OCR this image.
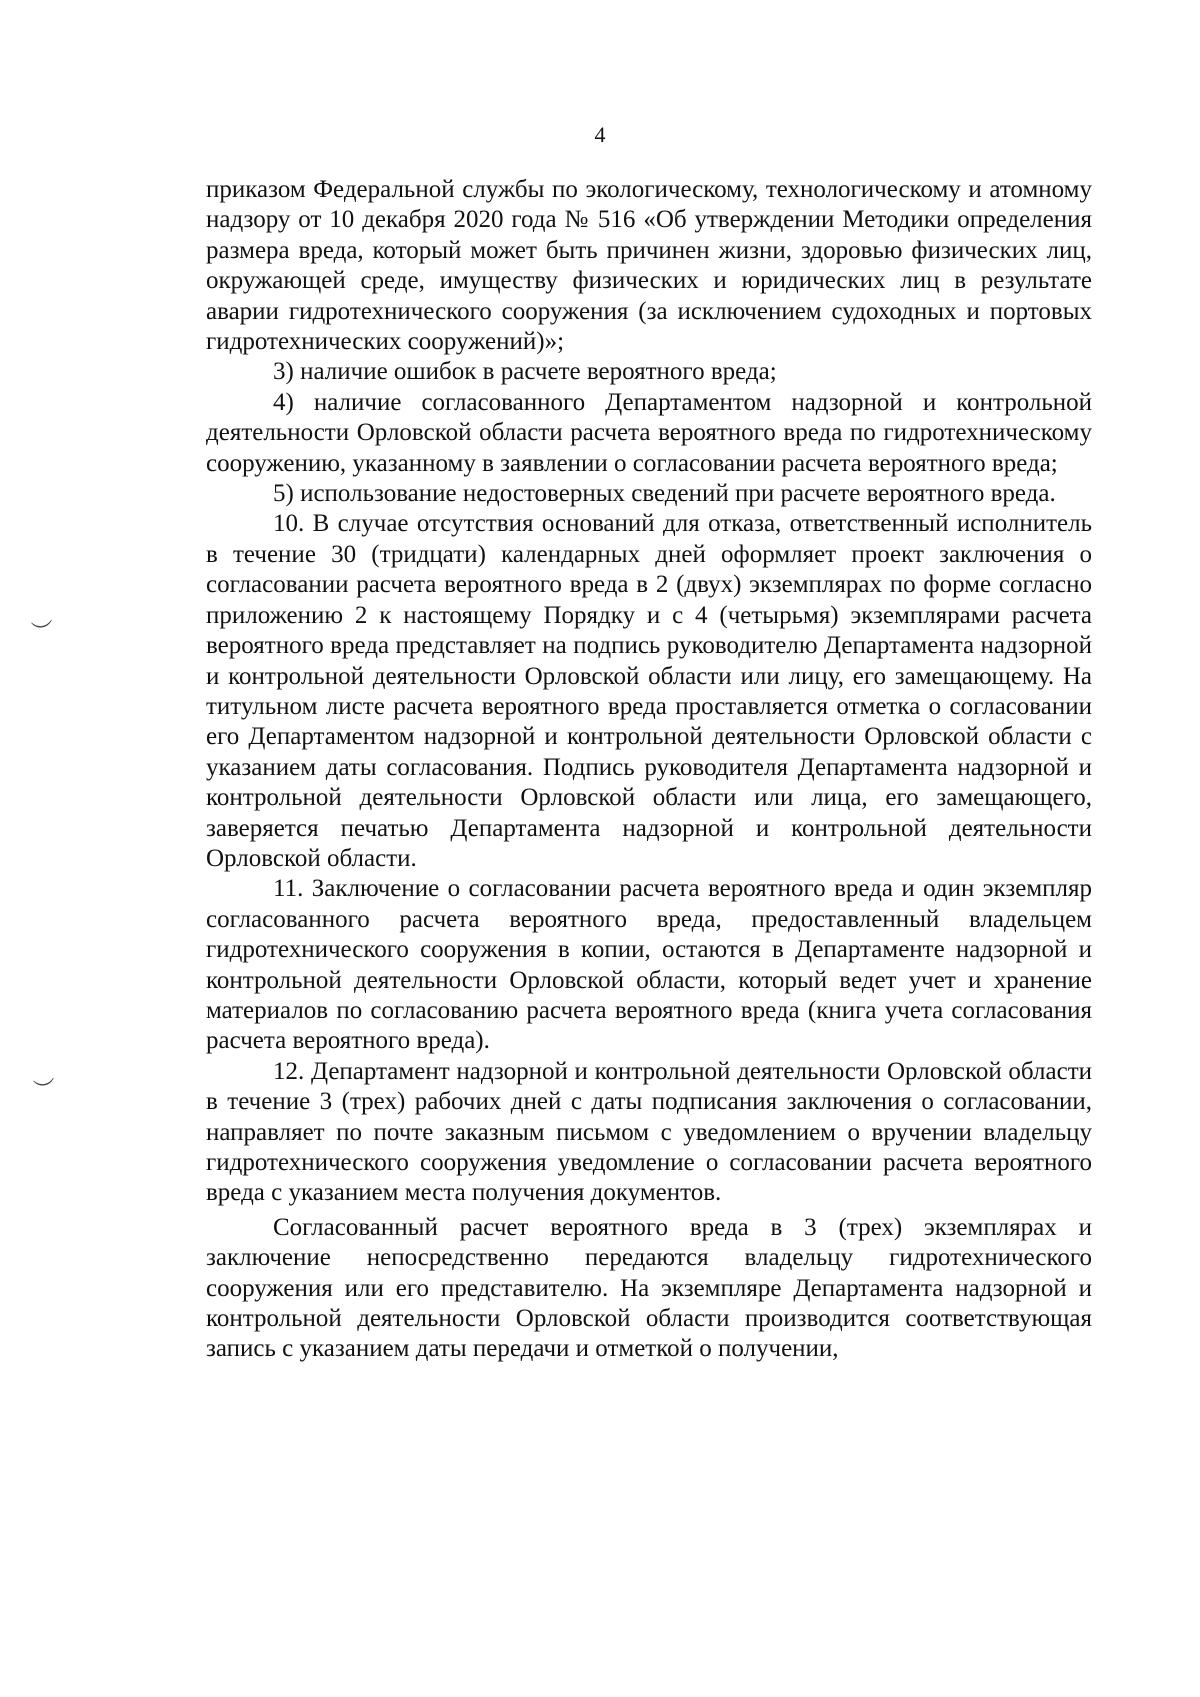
︶
︶
4

приказом Федеральной службы по экологическому, технологическому и атомному надзору от 10 декабря 2020 года № 516 «Об утверждении Методики определения размера вреда, который может быть причинен жизни, здоровью физических лиц, окружающей среде, имуществу физических и юридических лиц в результате аварии гидротехнического сооружения (за исключением судоходных и портовых гидротехнических сооружений)»;

3) наличие ошибок в расчете вероятного вреда;

4) наличие согласованного Департаментом надзорной и контрольной деятельности Орловской области расчета вероятного вреда по гидротехническому сооружению, указанному в заявлении о согласовании расчета вероятного вреда;

5) использование недостоверных сведений при расчете вероятного вреда.

10. В случае отсутствия оснований для отказа, ответственный исполнитель в течение 30 (тридцати) календарных дней оформляет проект заключения о согласовании расчета вероятного вреда в 2 (двух) экземплярах по форме согласно приложению 2 к настоящему Порядку и с 4 (четырьмя) экземплярами расчета вероятного вреда представляет на подпись руководителю Департамента надзорной и контрольной деятельности Орловской области или лицу, его замещающему. На титульном листе расчета вероятного вреда проставляется отметка о согласовании его Департаментом надзорной и контрольной деятельности Орловской области с указанием даты согласования. Подпись руководителя Департамента надзорной и контрольной деятельности Орловской области или лица, его замещающего, заверяется печатью Департамента надзорной и контрольной деятельности Орловской области.

11. Заключение о согласовании расчета вероятного вреда и один экземпляр согласованного расчета вероятного вреда, предоставленный владельцем гидротехнического сооружения в копии, остаются в Департаменте надзорной и контрольной деятельности Орловской области, который ведет учет и хранение материалов по согласованию расчета вероятного вреда (книга учета согласования расчета вероятного вреда).

12. Департамент надзорной и контрольной деятельности Орловской области в течение 3 (трех) рабочих дней с даты подписания заключения о согласовании, направляет по почте заказным письмом с уведомлением о вручении владельцу гидротехнического сооружения уведомление о согласовании расчета вероятного вреда с указанием места получения документов.

Согласованный расчет вероятного вреда в 3 (трех) экземплярах и заключение непосредственно передаются владельцу гидротехнического сооружения или его представителю. На экземпляре Департамента надзорной и контрольной деятельности Орловской области производится соответствующая запись с указанием даты передачи и отметкой о получении,
